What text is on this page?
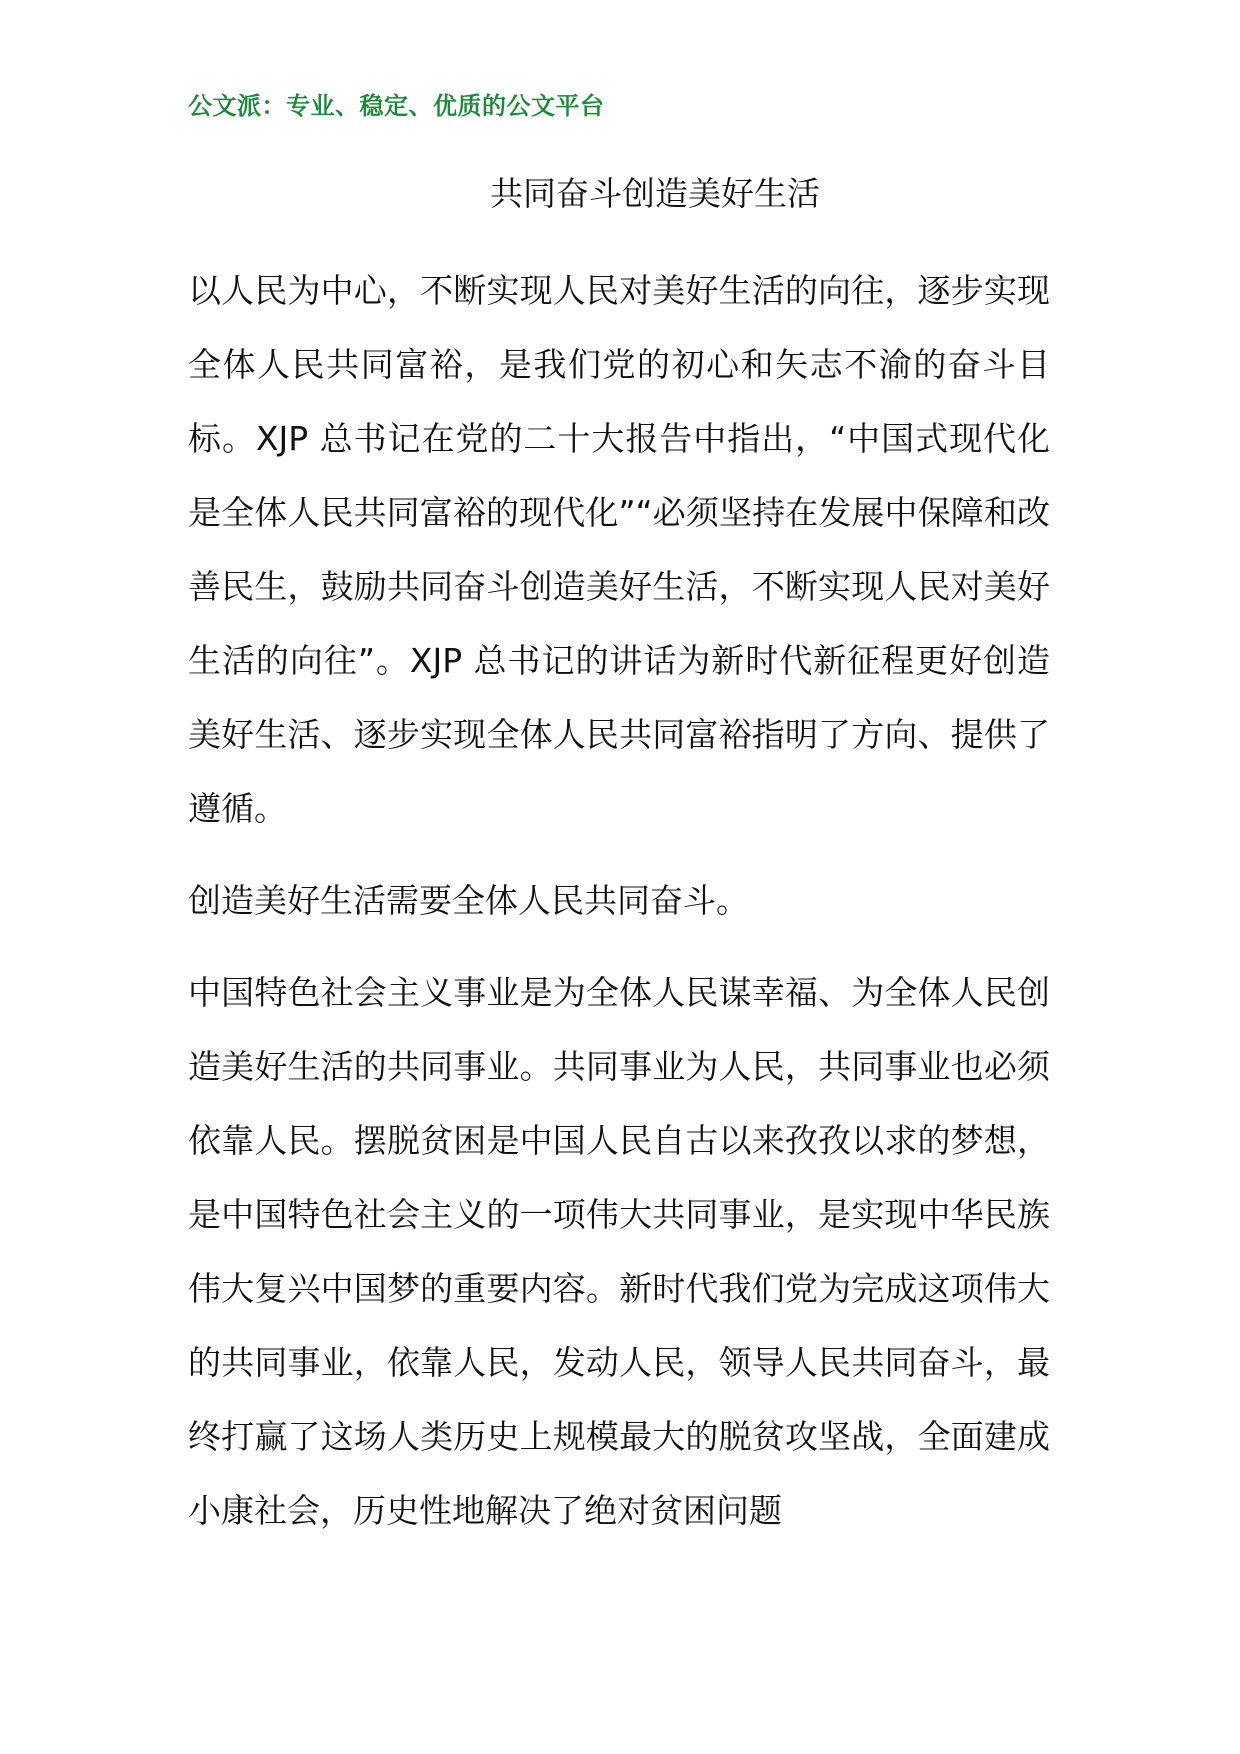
公文派：专业、稳定、优质的公文平台
共同奋斗创造美好生活

以人民为中心，不断实现人民对美好生活的向往，逐步实现全体人民共同富裕，是我们党的初心和矢志不渝的奋斗目标。XJP 总书记在党的二十大报告中指出，“中国式现代化是全体人民共同富裕的现代化”“必须坚持在发展中保障和改善民生，鼓励共同奋斗创造美好生活，不断实现人民对美好生活的向往”。XJP 总书记的讲话为新时代新征程更好创造美好生活、逐步实现全体人民共同富裕指明了方向、提供了遵循。

创造美好生活需要全体人民共同奋斗。

中国特色社会主义事业是为全体人民谋幸福、为全体人民创造美好生活的共同事业。共同事业为人民，共同事业也必须依靠人民。摆脱贫困是中国人民自古以来孜孜以求的梦想，是中国特色社会主义的一项伟大共同事业，是实现中华民族伟大复兴中国梦的重要内容。新时代我们党为完成这项伟大的共同事业，依靠人民，发动人民，领导人民共同奋斗，最终打赢了这场人类历史上规模最大的脱贫攻坚战，全面建成小康社会，历史性地解决了绝对贫困问题
